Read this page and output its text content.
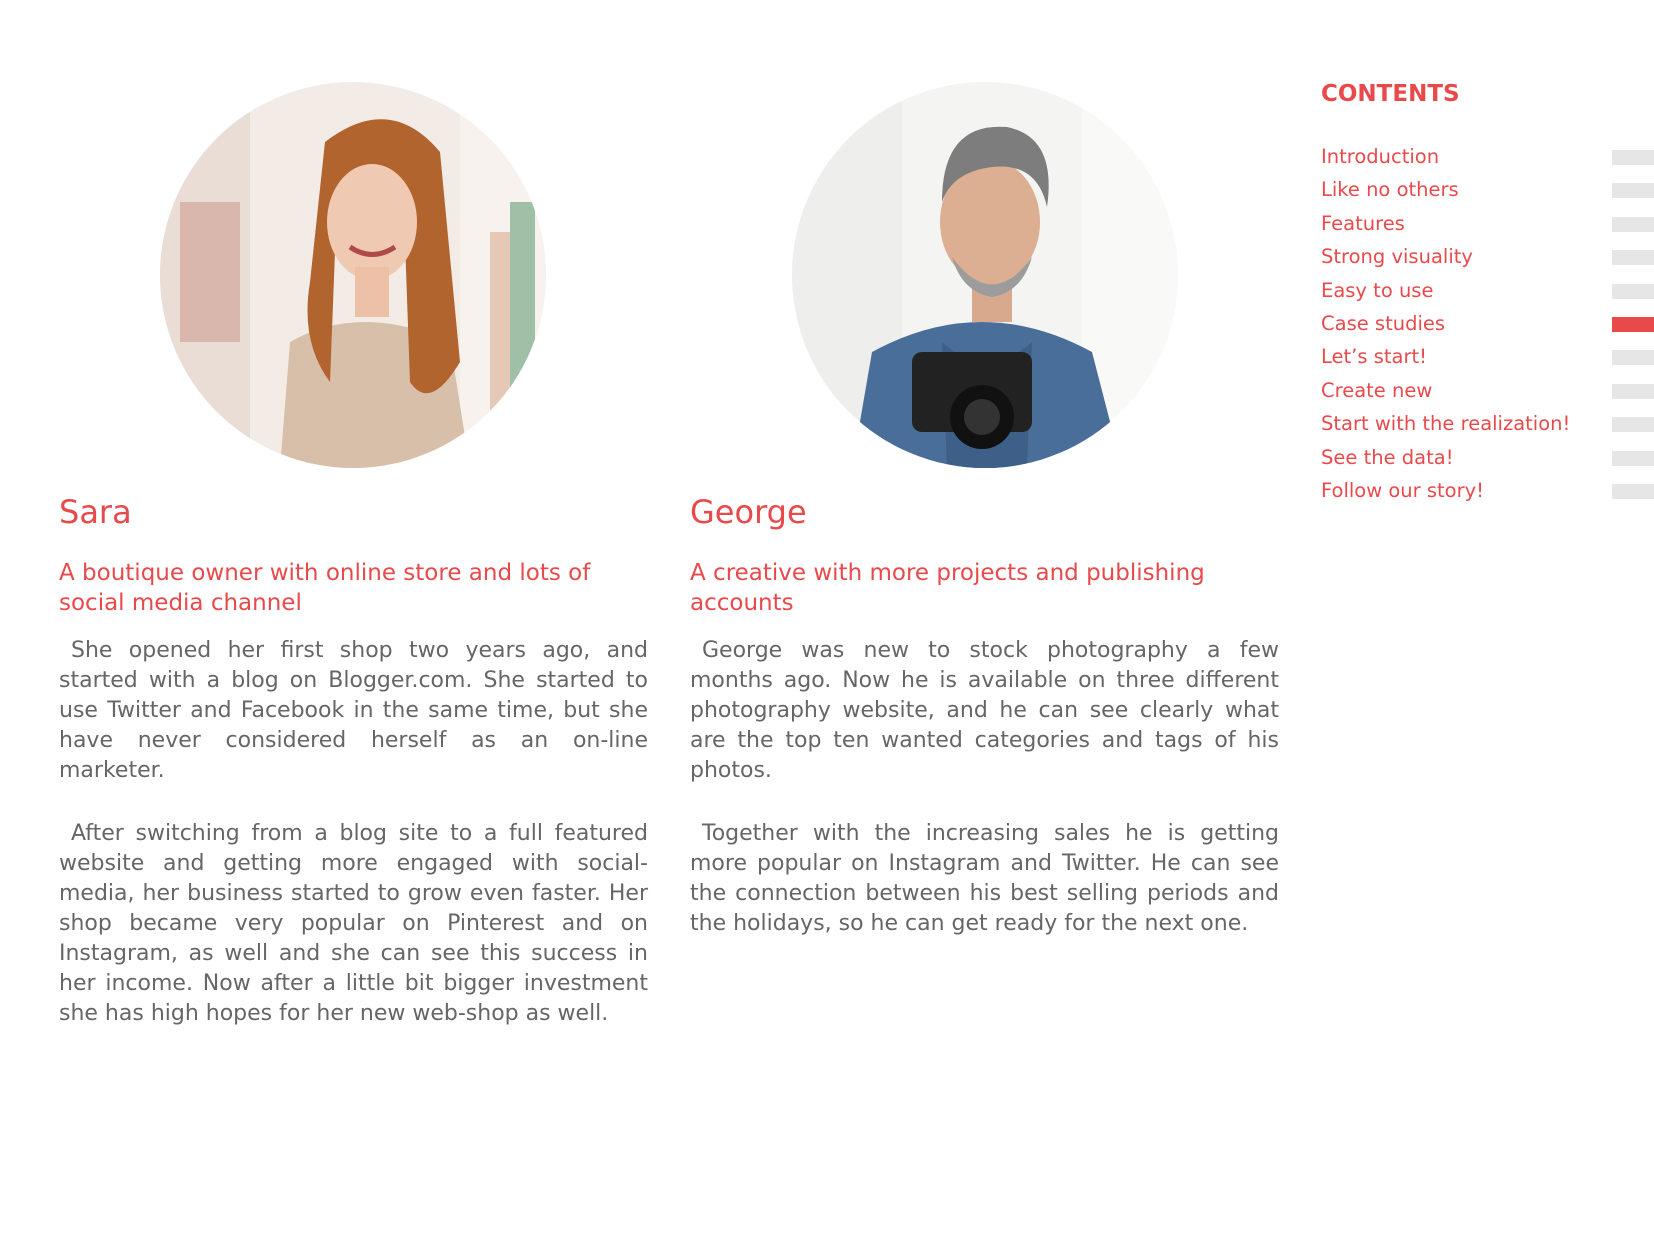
Sara
A boutique owner with online store and lots of social media channel

She opened her first shop two years ago, and started with a blog on Blogger.com. She started to use Twitter and Facebook in the same time, but she have never considered herself as an on-line marketer.

After switching from a blog site to a full featured website and getting more engaged with social-media, her business started to grow even faster. Her shop became very popular on Pinterest and on Instagram, as well and she can see this success in her income. Now after a little bit bigger investment she has high hopes for her new web-shop as well.

George
A creative with more projects and publishing accounts

George was new to stock photography a few months ago. Now he is available on three different photography website, and he can see clearly what are the top ten wanted categories and tags of his photos.

Together with the increasing sales he is getting more popular on Instagram and Twitter. He can see the connection between his best selling periods and the holidays, so he can get ready for the next one.

CONTENTS
Introduction
Like no others
Features
Strong visuality
Easy to use
Case studies
Let’s start!
Create new
Start with the realization!
See the data!
Follow our story!
